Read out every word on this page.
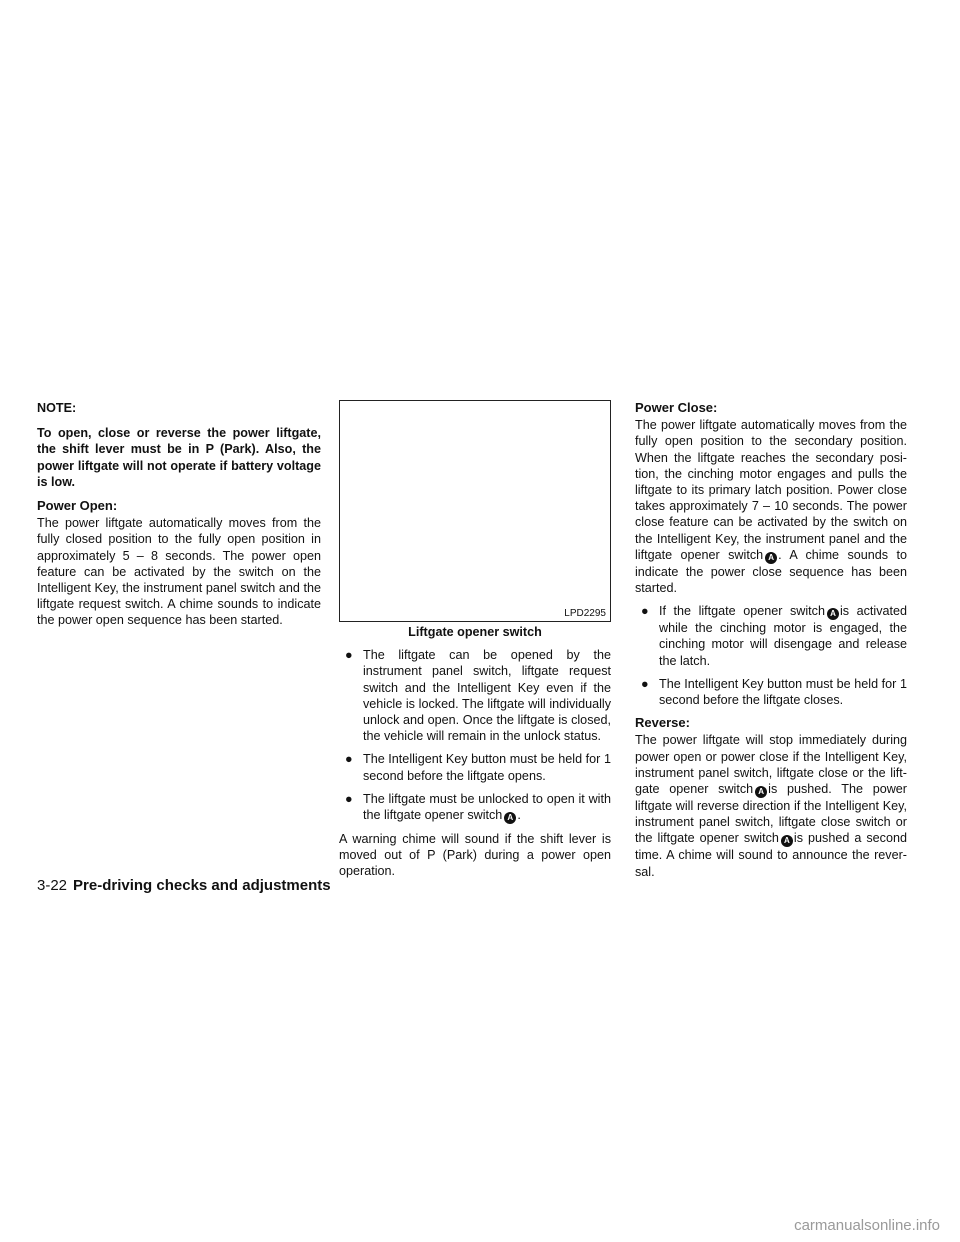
NOTE:

To open, close or reverse the power liftgate, the shift lever must be in P (Park). Also, the power liftgate will not operate if battery voltage is low.

Power Open:

The power liftgate automatically moves from the fully closed position to the fully open position in approximately 5 – 8 seconds. The power open feature can be activated by the switch on the Intelligent Key, the instrument panel switch and the liftgate request switch. A chime sounds to indicate the power open sequence has been started.	LPD2295
Liftgate opener switch
● The liftgate can be opened by the instrument panel switch, liftgate request switch and the Intelligent Key even if the vehicle is locked. The liftgate will individually unlock and open. Once the liftgate is closed, the vehicle will remain in the unlock status.
● The Intelligent Key button must be held for 1 second before the liftgate opens.
● The liftgate must be unlocked to open it with the liftgate opener switch A .

A warning chime will sound if the shift lever is moved out of P (Park) during a power open operation.

Power Close:

The power liftgate automatically moves from the fully open position to the secondary position. When the liftgate reaches the secondary posi-tion, the cinching motor engages and pulls the liftgate to its primary latch position. Power close takes approximately 7 – 10 seconds. The power close feature can be activated by the switch on the Intelligent Key, the instrument panel and the liftgate opener switch A . A chime sounds to indicate the power close sequence has been started.

● If the liftgate opener switch A is activated while the cinching motor is engaged, the cinching motor will disengage and release the latch.
● The Intelligent Key button must be held for 1 second before the liftgate closes.
Reverse:

The power liftgate will stop immediately during power open or power close if the Intelligent Key, instrument panel switch, liftgate close or the lift-gate opener switch A is pushed. The power liftgate will reverse direction if the Intelligent Key, instrument panel switch, liftgate close switch or the liftgate opener switch A is pushed a second time. A chime will sound to announce the rever-sal.

3-22 Pre-driving checks and adjustments
carmanualsonline.info
